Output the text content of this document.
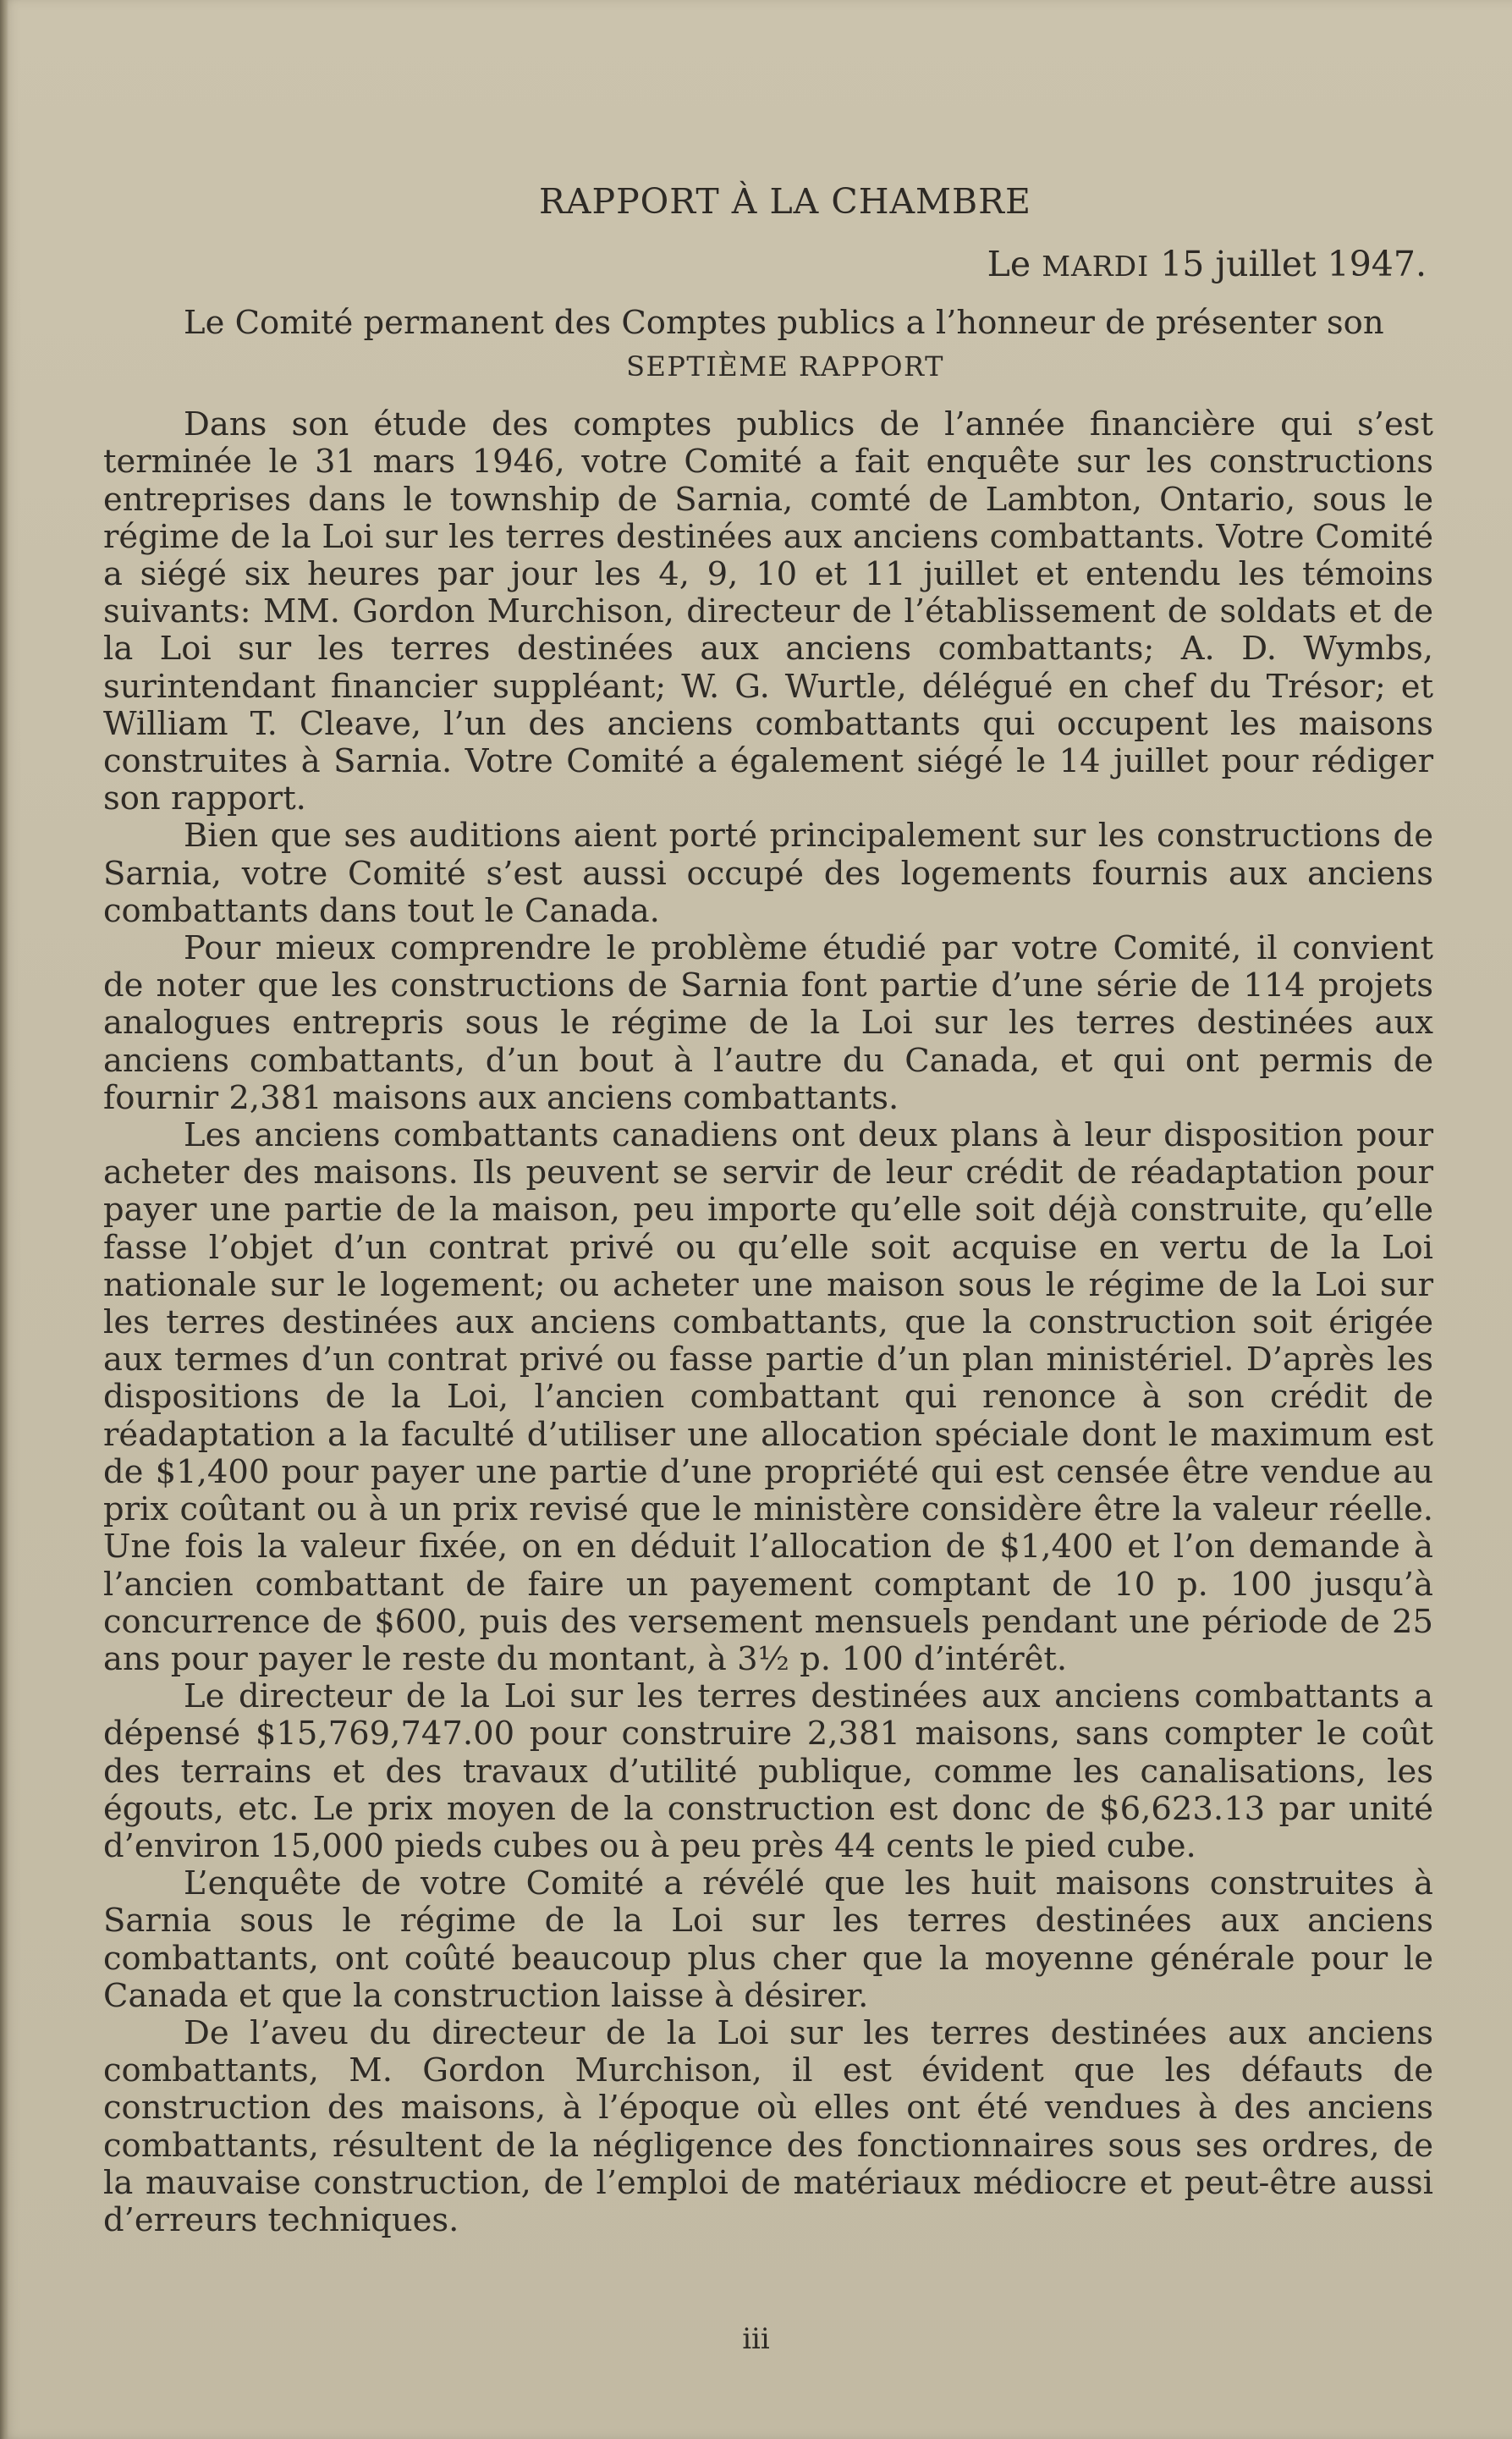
RAPPORT À LA CHAMBRE
Le MARDI 15 juillet 1947.

Le Comité permanent des Comptes publics a l’honneur de présenter son

SEPTIÈME RAPPORT

Dans son étude des comptes publics de l’année financière qui s’est terminée le 31 mars 1946, votre Comité a fait enquête sur les constructions entreprises dans le township de Sarnia, comté de Lambton, Ontario, sous le régime de la Loi sur les terres destinées aux anciens combattants. Votre Comité a siégé six heures par jour les 4, 9, 10 et 11 juillet et entendu les témoins suivants: MM. Gordon Murchison, directeur de l’établissement de soldats et de la Loi sur les terres destinées aux anciens combattants; A. D. Wymbs, surintendant financier suppléant; W. G. Wurtle, délégué en chef du Trésor; et William T. Cleave, l’un des anciens combattants qui occupent les maisons construites à Sarnia. Votre Comité a également siégé le 14 juillet pour rédiger son rapport.

Bien que ses auditions aient porté principalement sur les constructions de Sarnia, votre Comité s’est aussi occupé des logements fournis aux anciens combattants dans tout le Canada.

Pour mieux comprendre le problème étudié par votre Comité, il convient de noter que les constructions de Sarnia font partie d’une série de 114 projets analogues entrepris sous le régime de la Loi sur les terres destinées aux anciens combattants, d’un bout à l’autre du Canada, et qui ont permis de fournir 2,381 maisons aux anciens combattants.

Les anciens combattants canadiens ont deux plans à leur disposition pour acheter des maisons. Ils peuvent se servir de leur crédit de réadaptation pour payer une partie de la maison, peu importe qu’elle soit déjà construite, qu’elle fasse l’objet d’un contrat privé ou qu’elle soit acquise en vertu de la Loi nationale sur le logement; ou acheter une maison sous le régime de la Loi sur les terres destinées aux anciens combattants, que la construction soit érigée aux termes d’un contrat privé ou fasse partie d’un plan ministériel. D’après les dispositions de la Loi, l’ancien combattant qui renonce à son crédit de réadaptation a la faculté d’utiliser une allocation spéciale dont le maximum est de $1,400 pour payer une partie d’une propriété qui est censée être vendue au prix coûtant ou à un prix revisé que le ministère considère être la valeur réelle. Une fois la valeur fixée, on en déduit l’allocation de $1,400 et l’on demande à l’ancien combattant de faire un payement comptant de 10 p. 100 jusqu’à concurrence de $600, puis des versement mensuels pendant une période de 25 ans pour payer le reste du montant, à 3½ p. 100 d’intérêt.

Le directeur de la Loi sur les terres destinées aux anciens combattants a dépensé $15,769,747.00 pour construire 2,381 maisons, sans compter le coût des terrains et des travaux d’utilité publique, comme les canalisations, les égouts, etc. Le prix moyen de la construction est donc de $6,623.13 par unité d’environ 15,000 pieds cubes ou à peu près 44 cents le pied cube.

L’enquête de votre Comité a révélé que les huit maisons construites à Sarnia sous le régime de la Loi sur les terres destinées aux anciens combattants, ont coûté beaucoup plus cher que la moyenne générale pour le Canada et que la construction laisse à désirer.

De l’aveu du directeur de la Loi sur les terres destinées aux anciens combattants, M. Gordon Murchison, il est évident que les défauts de construction des maisons, à l’époque où elles ont été vendues à des anciens combattants, résultent de la négligence des fonctionnaires sous ses ordres, de la mauvaise construction, de l’emploi de matériaux médiocre et peut-être aussi d’erreurs techniques.

iii
